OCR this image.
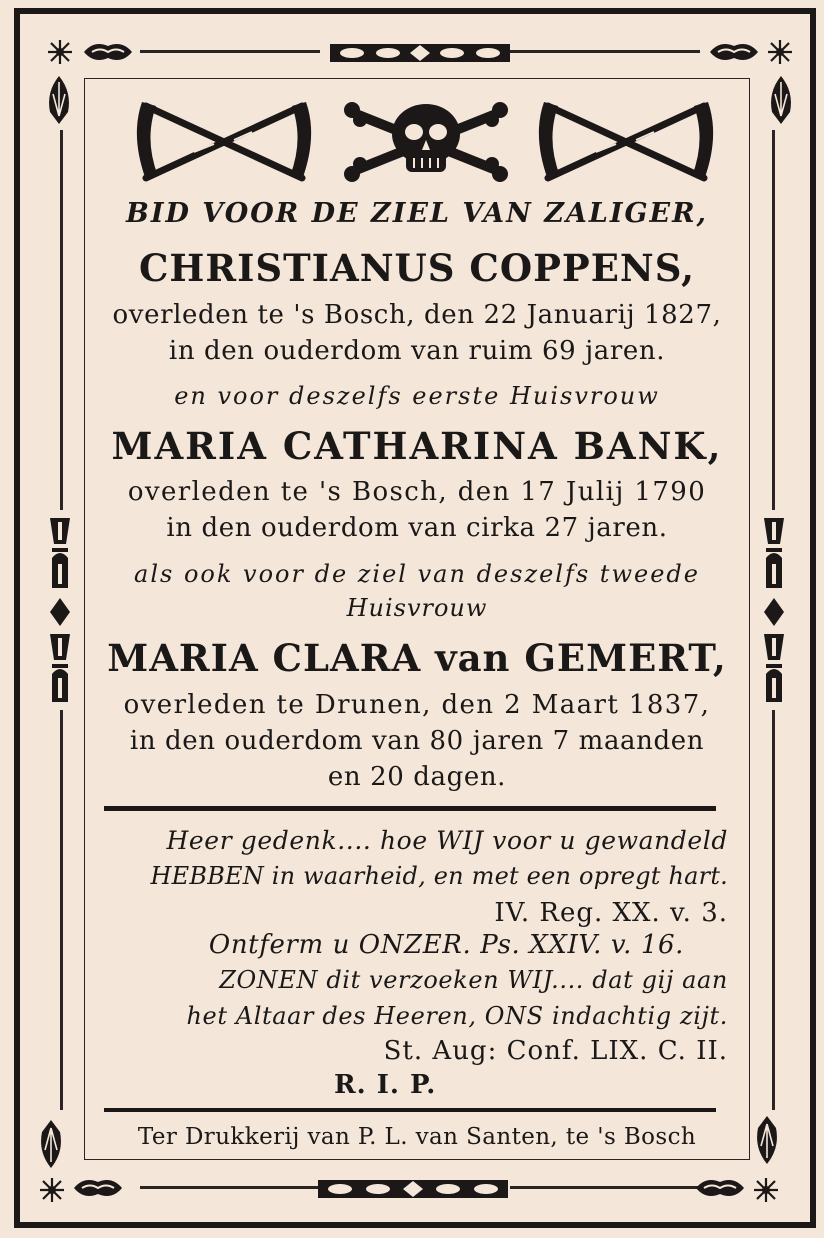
BID VOOR DE ZIEL VAN ZALIGER,
CHRISTIANUS COPPENS,
overleden te 's Bosch, den 22 Januarij 1827,
in den ouderdom van ruim 69 jaren.
en voor deszelfs eerste Huisvrouw
MARIA CATHARINA BANK,
overleden te 's Bosch, den 17 Julij 1790
in den ouderdom van cirka 27 jaren.
als ook voor de ziel van deszelfs tweede
Huisvrouw
MARIA CLARA van GEMERT,
overleden te Drunen, den 2 Maart 1837,
in den ouderdom van 80 jaren 7 maanden
en 20 dagen.
Heer gedenk.... hoe WIJ voor u gewandeld
HEBBEN in waarheid, en met een opregt hart.
IV. Reg. XX. v. 3.
Ontferm u ONZER. Ps. XXIV. v. 16.
ZONEN dit verzoeken WIJ.... dat gij aan
het Altaar des Heeren, ONS indachtig zijt.
St. Aug: Conf. LIX. C. II.
R. I. P.
Ter Drukkerij van P. L. van Santen, te 's Bosch
